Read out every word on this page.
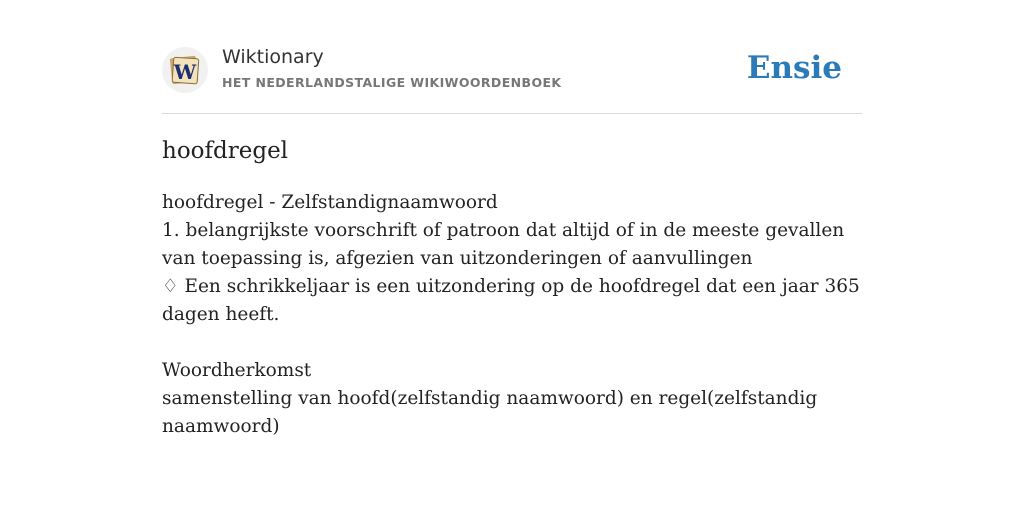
W
Wiktionary
HET NEDERLANDSTALIGE WIKIWOORDENBOEK	Ensie
hoofdregel

hoofdregel - Zelfstandignaamwoord

1. belangrijkste voorschrift of patroon dat altijd of in de meeste gevallen van toepassing is, afgezien van uitzonderingen of aanvullingen

♢ Een schrikkeljaar is een uitzondering op de hoofdregel dat een jaar 365 dagen heeft.

Woordherkomst

samenstelling van hoofd(zelfstandig naamwoord) en regel(zelfstandig naamwoord)
